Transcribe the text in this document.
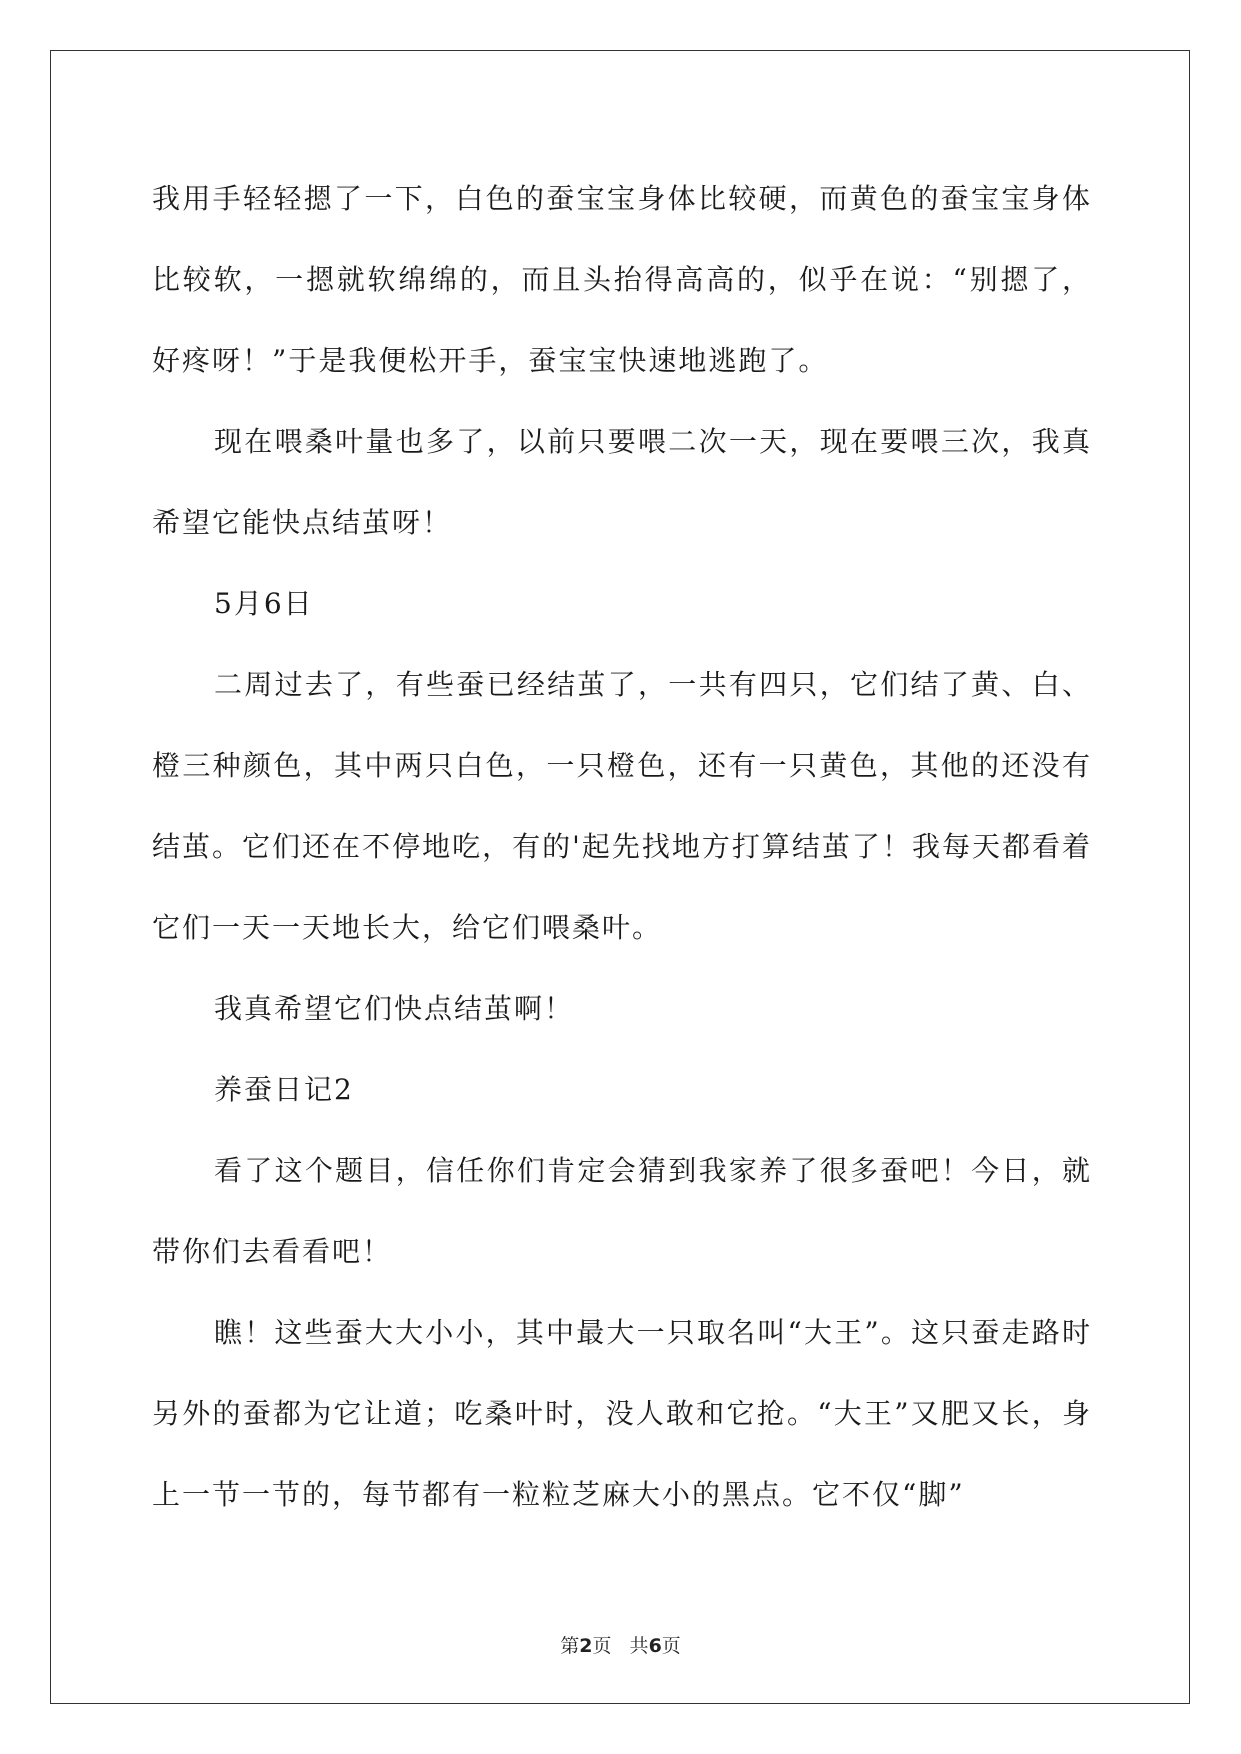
我用手轻轻摁了一下，白色的蚕宝宝身体比较硬，而黄色的蚕宝宝身体比较软，一摁就软绵绵的，而且头抬得高高的，似乎在说：“别摁了，好疼呀！”于是我便松开手，蚕宝宝快速地逃跑了。

现在喂桑叶量也多了，以前只要喂二次一天，现在要喂三次，我真希望它能快点结茧呀！

5月6日

二周过去了，有些蚕已经结茧了，一共有四只，它们结了黄、白、橙三种颜色，其中两只白色，一只橙色，还有一只黄色，其他的还没有结茧。它们还在不停地吃，有的'起先找地方打算结茧了！我每天都看着它们一天一天地长大，给它们喂桑叶。

我真希望它们快点结茧啊！

养蚕日记2

看了这个题目，信任你们肯定会猜到我家养了很多蚕吧！今日，就带你们去看看吧！

瞧！这些蚕大大小小，其中最大一只取名叫“大王”。这只蚕走路时另外的蚕都为它让道；吃桑叶时，没人敢和它抢。“大王”又肥又长，身上一节一节的，每节都有一粒粒芝麻大小的黑点。它不仅“脚”

第2页   共6页
